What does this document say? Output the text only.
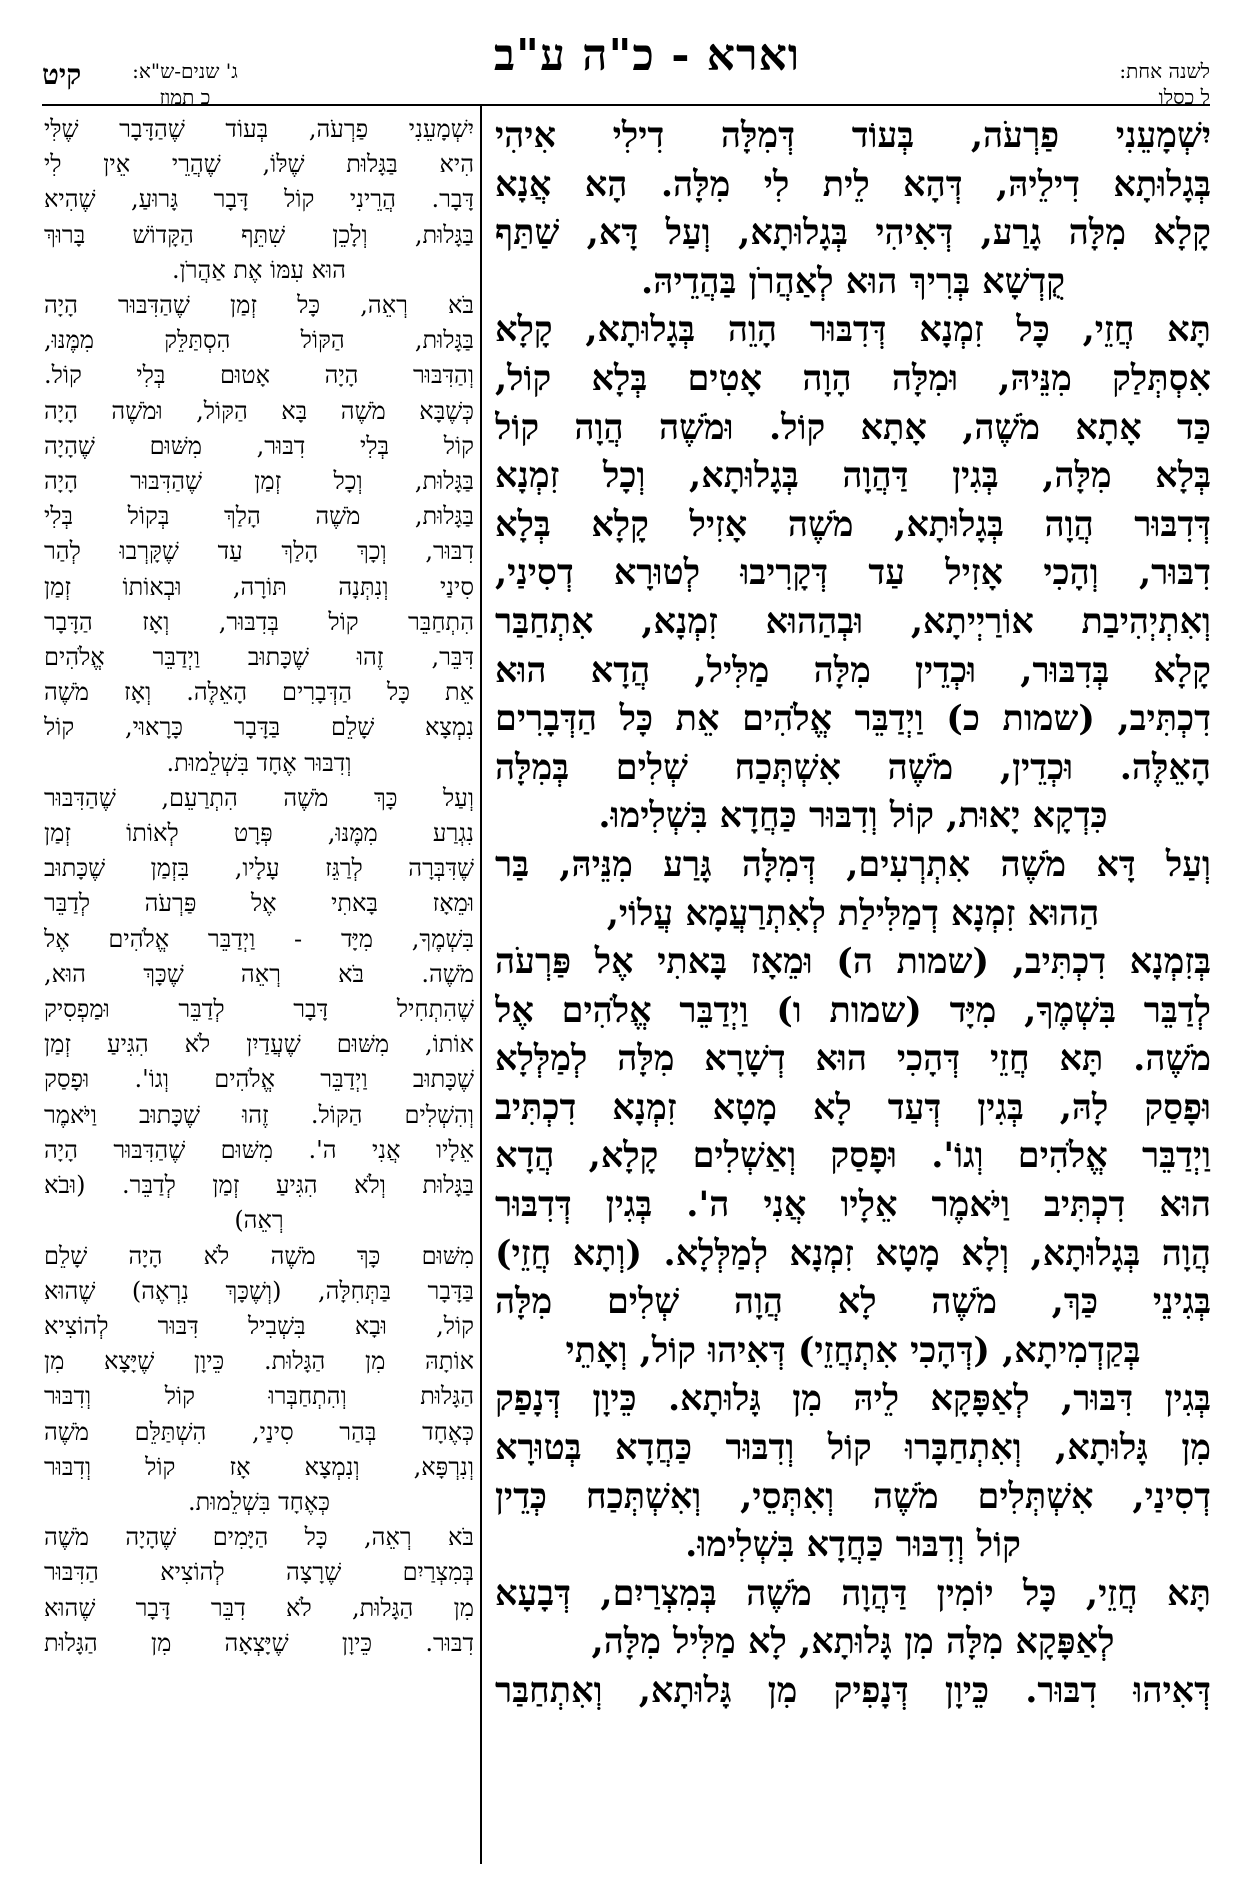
לשנה אחת:
ל כסלו
וארא - כ"ה ע"ב
ג' שנים-ש"א:
כ תמוז
קיט

יִשְׁמָעֵנִי פַרְעֹה, בְּעוֹד דְּמִלָּה דִילִי אִיהִי

בְּגָלוּתָא דִילֵיהּ, דְּהָא לֵית לִי מִלָּה. הָא אֲנָא

קָלָא מִלָּה גָרַע, דְּאִיהִי בְּגָלוּתָא, וְעַל דָּא, שַׁתַּף

קֻדְשָׁא בְּרִיךְ הוּא לְאַהֲרֹן בַּהֲדֵיהּ.

תָּא חֲזֵי, כָּל זִמְנָא דְּדִבּוּר הָוֵה בְּגָלוּתָא, קָלָא

אִסְתְּלַק מִנֵּיהּ, וּמִלָּה הָוָה אָטִים בְּלָא קוֹל,

כַּד אָתָא מֹשֶׁה, אָתָא קוֹל. וּמֹשֶׁה הֲוָה קוֹל

בְּלָא מִלָּה, בְּגִין דַּהֲוָה בְּגָלוּתָא, וְכָל זִמְנָא

דְּדִבּוּר הֲוָה בְּגָלוּתָא, מֹשֶׁה אָזִיל קָלָא בְּלָא

דִבּוּר, וְהָכִי אָזִיל עַד דְּקָרִיבוּ לְטוּרָא דְסִינַי,

וְאִתְיְהִיבַת אוֹרַיְיתָא, וּבְהַהוּא זִמְנָא, אִתְחַבַּר

קָלָא בְּדִבּוּר, וּכְדֵין מִלָּה מַלִּיל, הֲדָא הוּא

דִכְתִּיב, (שמות כ) וַיְדַבֵּר אֱלֹהִים אֵת כָּל הַדְּבָרִים

הָאֵלֶּה. וּכְדֵין, מֹשֶׁה אִשְׁתְּכַח שְׁלִים בְּמִלָּה

כִּדְקָא יָאוּת, קוֹל וְדִבּוּר כַּחֲדָא בִּשְׁלִימוּ.

וְעַל דָּא מֹשֶׁה אִתְרְעִים, דְּמִלָּה גָּרַע מִנֵּיהּ, בַּר

הַהוּא זִמְנָא דְמַלִּילַת לְאִתְרַעֲמָא עֲלוֹי,

בְּזִמְנָא דִכְתִּיב, (שמות ה) וּמֵאָז בָּאתִי אֶל פַּרְעֹה

לְדַבֵּר בִּשְׁמֶךָ, מִיָּד (שמות ו) וַיְדַבֵּר אֱלֹהִים אֶל

מֹשֶׁה. תָּא חֲזֵי דְּהָכִי הוּא דְשָׁרָא מִלָּה לְמַלְּלָא

וּפָסַק לָהּ, בְּגִין דְּעַד לָא מָטָא זִמְנָא דִכְתִּיב

וַיְדַבֵּר אֱלֹהִים וְגוֹ'. וּפָסַק וְאַשְׁלִים קָלָא, הֲדָא

הוּא דִכְתִּיב וַיֹּאמֶר אֵלָיו אֲנִי ה'. בְּגִין דְּדִבּוּר

הֲוָה בְּגָלוּתָא, וְלָא מָטָא זִמְנָא לְמַלְּלָא. (וְתָא חֲזֵי)

בְּגִינֵי כַּךְ, מֹשֶׁה לָא הֲוָה שְׁלִים מִלָּה

בְּקַדְמִיתָא, (דְּהָכִי אִתְחֲזֵי) דְּאִיהוּ קוֹל, וְאָתֵי

בְּגִין דִּבּוּר, לְאַפָּקָא לֵיהּ מִן גָּלוּתָא. כֵּיוָן דְּנָפַק

מִן גָּלוּתָא, וְאִתְחַבָּרוּ קוֹל וְדִבּוּר כַּחֲדָא בְּטוּרָא

דְסִינַי, אִשְׁתְּלִים מֹשֶׁה וְאִתְּסֵי, וְאִשְׁתְּכַח כְּדֵין

קוֹל וְדִבּוּר כַּחֲדָא בִּשְׁלִימוּ.

תָּא חֲזֵי, כָּל יוֹמִין דַּהֲוָה מֹשֶׁה בְּמִצְרַיִם, דְּבָעָא

לְאַפָּקָא מִלָּה מִן גָּלוּתָא, לָא מַלִּיל מִלָּה,

דְּאִיהוּ דִבּוּר. כֵּיוָן דְּנָפִיק מִן גָּלוּתָא, וְאִתְחַבַּר

יִשְׁמָעֵנִי פַרְעֹה, בְּעוֹד שֶׁהַדָּבָר שֶׁלִּי

הִיא בַּגָּלוּת שֶׁלּוֹ, שֶׁהֲרֵי אֵין לִי

דָּבָר. הֲרֵינִי קוֹל דָּבָר גָּרוּעַ, שֶׁהִיא

בַּגָּלוּת, וְלָכֵן שִׁתֵּף הַקָּדוֹשׁ בָּרוּךְ

הוּא עִמּוֹ אֶת אַהֲרֹן.

בֹּא רְאֵה, כָּל זְמַן שֶׁהַדִּבּוּר הָיָה

בַּגָּלוּת, הַקּוֹל הִסְתַּלֵּק מִמֶּנּוּ,

וְהַדִּבּוּר הָיָה אָטוּם בְּלִי קוֹל.

כְּשֶׁבָּא מֹשֶׁה בָּא הַקּוֹל, וּמֹשֶׁה הָיָה

קוֹל בְּלִי דִבּוּר, מִשּׁוּם שֶׁהָיָה

בַּגָּלוּת, וְכָל זְמַן שֶׁהַדִּבּוּר הָיָה

בַּגָּלוּת, מֹשֶׁה הָלַךְ בְּקוֹל בְּלִי

דִבּוּר, וְכָךְ הָלַךְ עַד שֶׁקָּרְבוּ לְהַר

סִינַי וְנִתְּנָה תּוֹרָה, וּבְאוֹתוֹ זְמַן

הִתְחַבֵּר קוֹל בְּדִבּוּר, וְאָז הַדָּבָר

דִּבֵּר, זֶהוּ שֶׁכָּתוּב וַיְדַבֵּר אֱלֹהִים

אֵת כָּל הַדְּבָרִים הָאֵלֶּה. וְאָז מֹשֶׁה

נִמְצָא שָׁלֵם בַּדָּבָר כָּרָאוּי, קוֹל

וְדִבּוּר אֶחָד בִּשְׁלֵמוּת.

וְעַל כָּךְ מֹשֶׁה הִתְרַעֵם, שֶׁהַדִּבּוּר

נִגְרַע מִמֶּנּוּ, פְּרָט לְאוֹתוֹ זְמַן

שֶׁדִּבְּרָה לְרַגֵּז עָלָיו, בִּזְמַן שֶׁכָּתוּב

וּמֵאָז בָּאתִי אֶל פַּרְעֹה לְדַבֵּר

בִּשְׁמֶךָ, מִיָּד - וַיְדַבֵּר אֱלֹהִים אֶל

מֹשֶׁה. בֹּא רְאֵה שֶׁכָּךְ הוּא,

שֶׁהִתְחִיל דָּבָר לְדַבֵּר וּמַפְסִיק

אוֹתוֹ, מִשּׁוּם שֶׁעֲדַיִן לֹא הִגִּיעַ זְמַן

שֶׁכָּתוּב וַיְדַבֵּר אֱלֹהִים וְגוֹ'. וּפָסַק

וְהִשְׁלִים הַקּוֹל. זֶהוּ שֶׁכָּתוּב וַיֹּאמֶר

אֵלָיו אֲנִי ה'. מִשּׁוּם שֶׁהַדִּבּוּר הָיָה

בַּגָּלוּת וְלֹא הִגִּיעַ זְמַן לְדַבֵּר. (וּבֹא

רְאֵה)

מִשּׁוּם כָּךְ מֹשֶׁה לֹא הָיָה שָׁלֵם

בַּדָּבָר בַּתְּחִלָּה, (וְשֶׁכָּךְ נִרְאֶה) שֶׁהוּא

קוֹל, וּבָא בִּשְׁבִיל דִּבּוּר לְהוֹצִיא

אוֹתָהּ מִן הַגָּלוּת. כֵּיוָן שֶׁיָּצָא מִן

הַגָּלוּת וְהִתְחַבְּרוּ קוֹל וְדִבּוּר

כְּאֶחָד בְּהַר סִינַי, הִשְׁתַּלֵּם מֹשֶׁה

וְנִרְפָּא, וְנִמְצָא אָז קוֹל וְדִבּוּר

כְּאֶחָד בִּשְׁלֵמוּת.

בֹּא רְאֵה, כָּל הַיָּמִים שֶׁהָיָה מֹשֶׁה

בְּמִצְרַיִם שֶׁרָצָה לְהוֹצִיא הַדִּבּוּר

מִן הַגָּלוּת, לֹא דִבֵּר דָּבָר שֶׁהוּא

דִבּוּר. כֵּיוָן שֶׁיָּצְאָה מִן הַגָּלוּת
